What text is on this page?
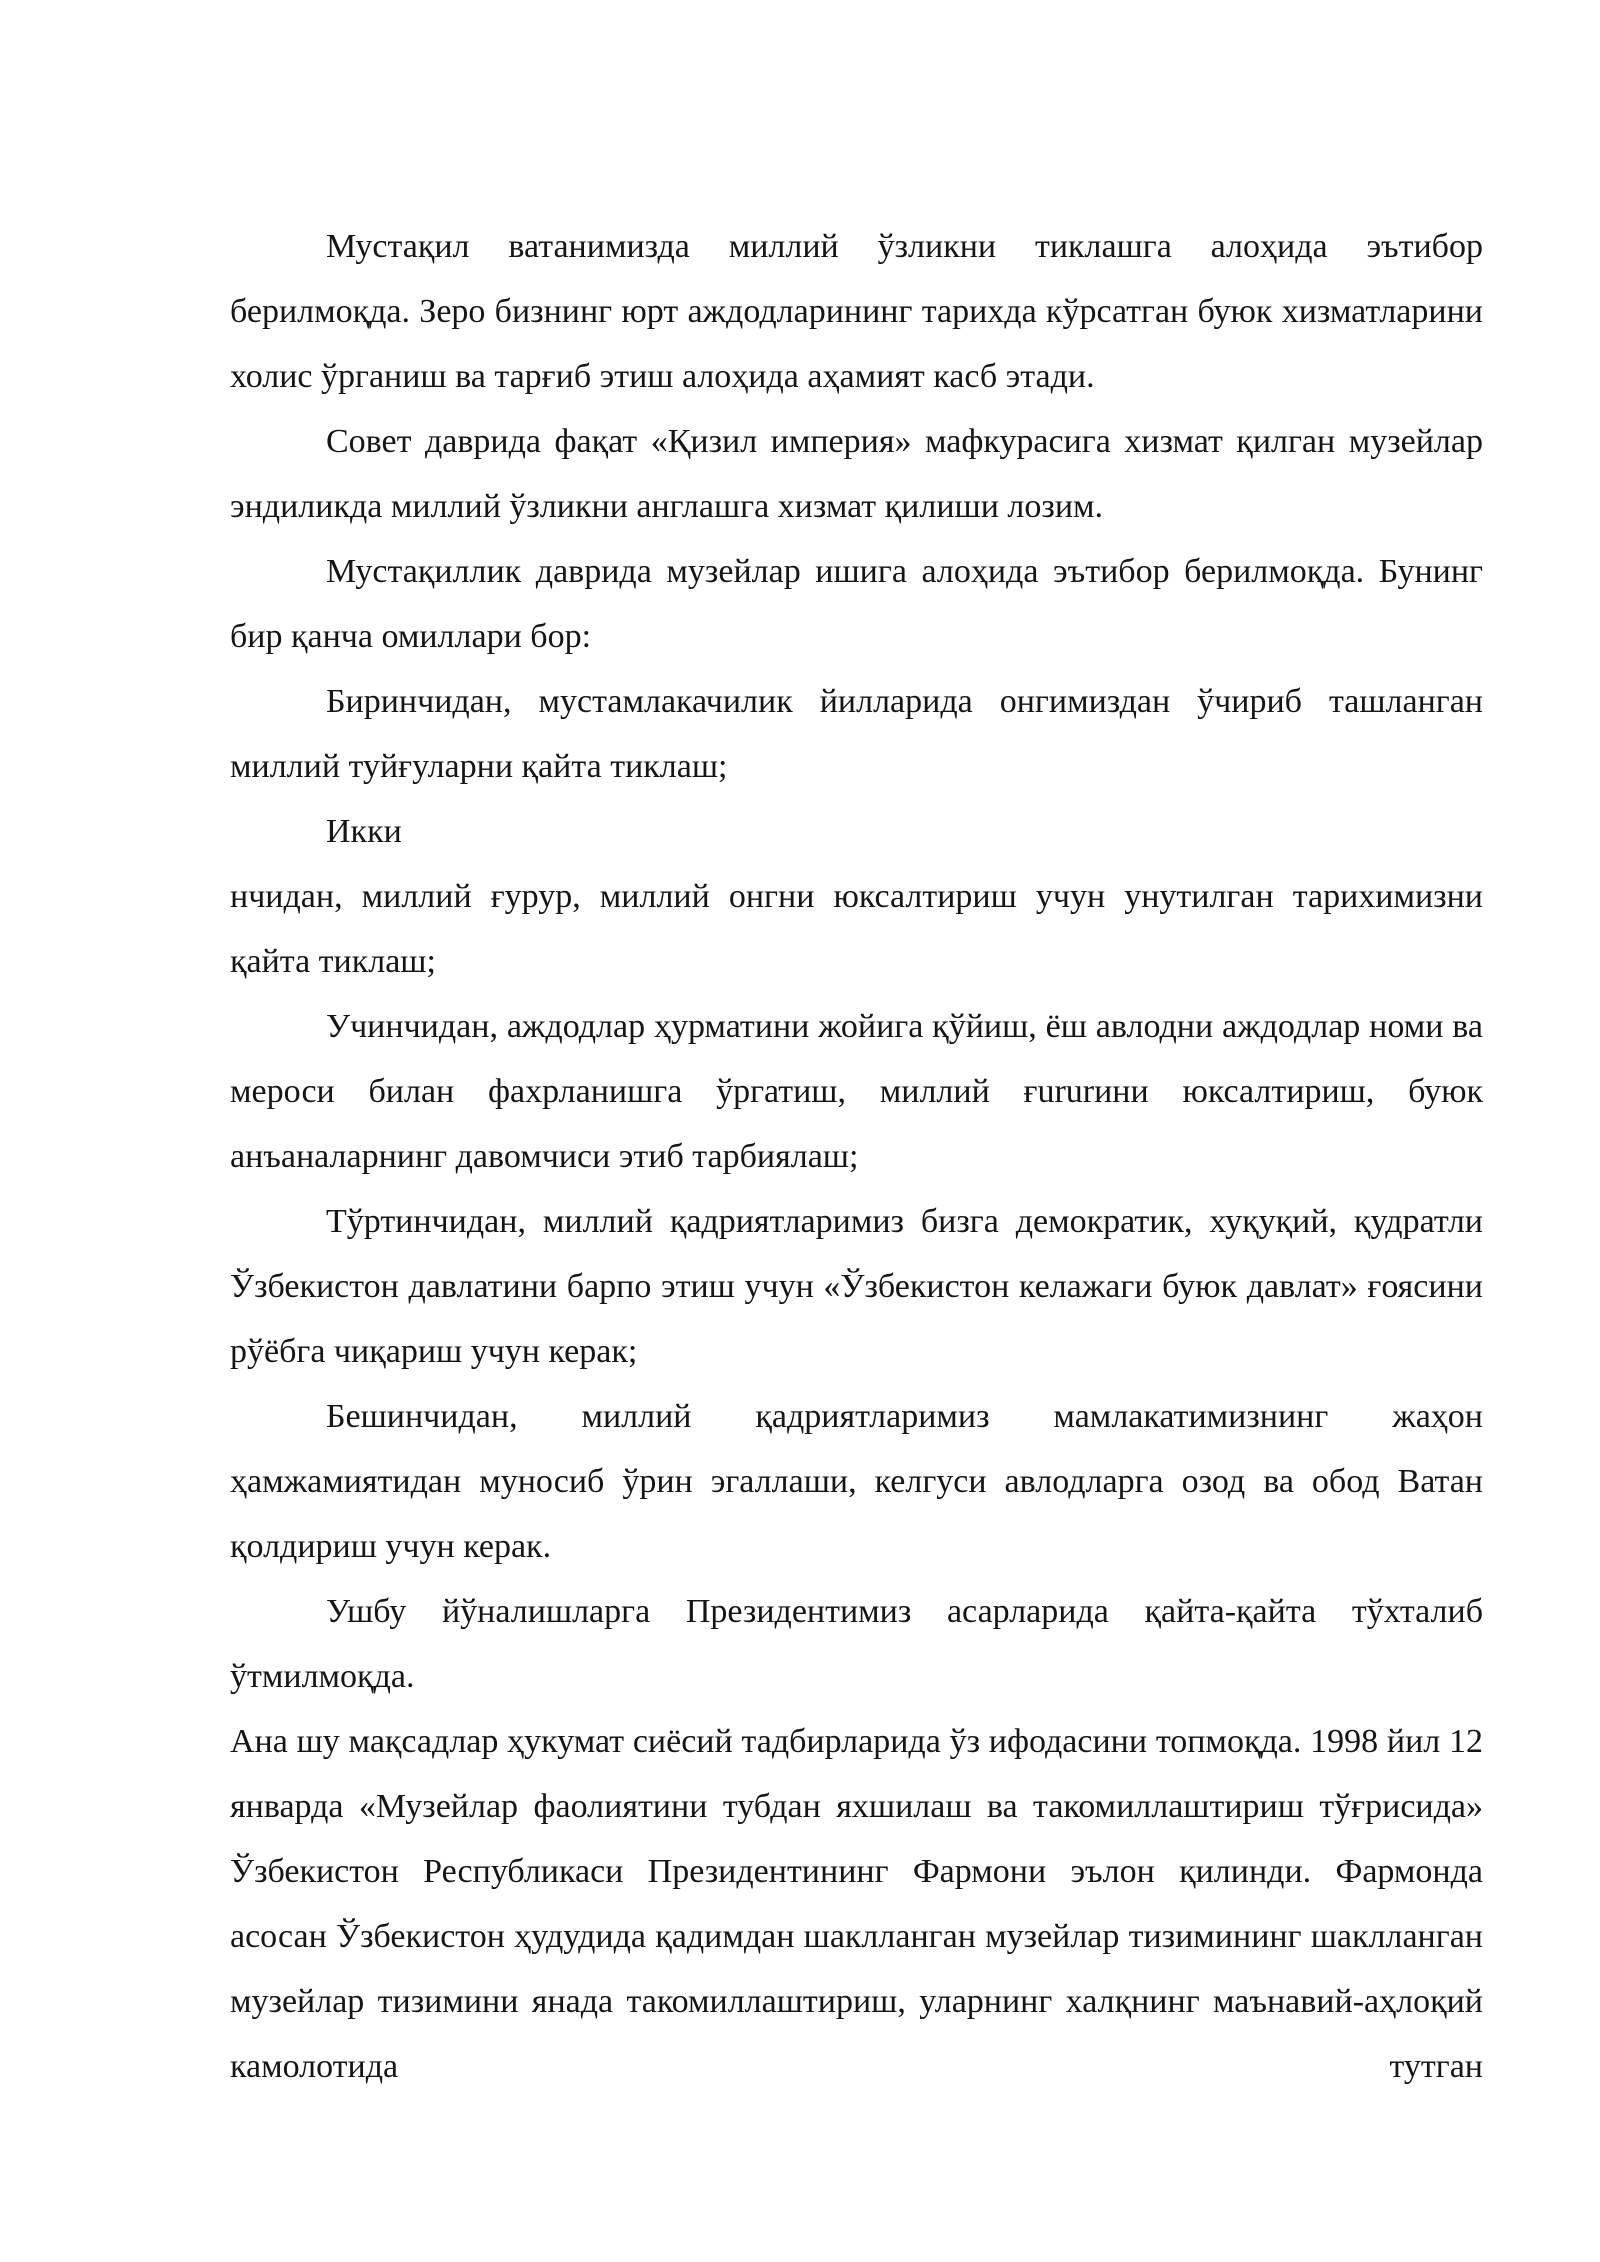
Мустақил ватанимизда миллий ўзликни тиклашга алоҳида эътибор берилмоқда. Зеро бизнинг юрт аждодларининг тарихда кўрсатган буюк хизматларини холис ўрганиш ва тарғиб этиш алоҳида аҳамият касб этади.

Совет даврида фақат «Қизил империя» мафкурасига хизмат қилган музейлар эндиликда миллий ўзликни англашга хизмат қилиши лозим.

Мустақиллик даврида музейлар ишига алоҳида эътибор берилмоқда. Бунинг бир қанча омиллари бор:

Биринчидан, мустамлакачилик йилларида онгимиздан ўчириб ташланган миллий туйғуларни қайта тиклаш;

Икки

нчидан, миллий ғурур, миллий онгни юксалтириш учун унутилган тарихимизни қайта тиклаш;

Учинчидан, аждодлар ҳурматини жойига қўйиш, ёш авлодни аждодлар номи ва мероси билан фахрланишга ўргатиш, миллий ғururини юксалтириш, буюк анъаналарнинг давомчиси этиб тарбиялаш;

Тўртинчидан, миллий қадриятларимиз бизга демократик, хуқуқий, қудратли Ўзбекистон давлатини барпо этиш учун «Ўзбекистон келажаги буюк давлат» ғоясини рўёбга чиқариш учун керак;

Бешинчидан, миллий қадриятларимиз мамлакатимизнинг жаҳон ҳамжамиятидан муносиб ўрин эгаллаши, келгуси авлодларга озод ва обод Ватан қолдириш учун керак.

Ушбу йўналишларга Президентимиз асарларида қайта-қайта тўхталиб ўтмилмоқда.

Ана шу мақсадлар ҳукумат сиёсий тадбирларида ўз ифодасини топмоқда. 1998 йил 12 январда «Музейлар фаолиятини тубдан яхшилаш ва такомиллаштириш тўғрисида» Ўзбекистон Республикаси Президентининг Фармони эълон қилинди. Фармонда асосан Ўзбекистон ҳудудида қадимдан шаклланган музейлар тизимининг шаклланган музейлар тизимини янада такомиллаштириш, уларнинг халқнинг маънавий-аҳлоқий камолотида тутган
